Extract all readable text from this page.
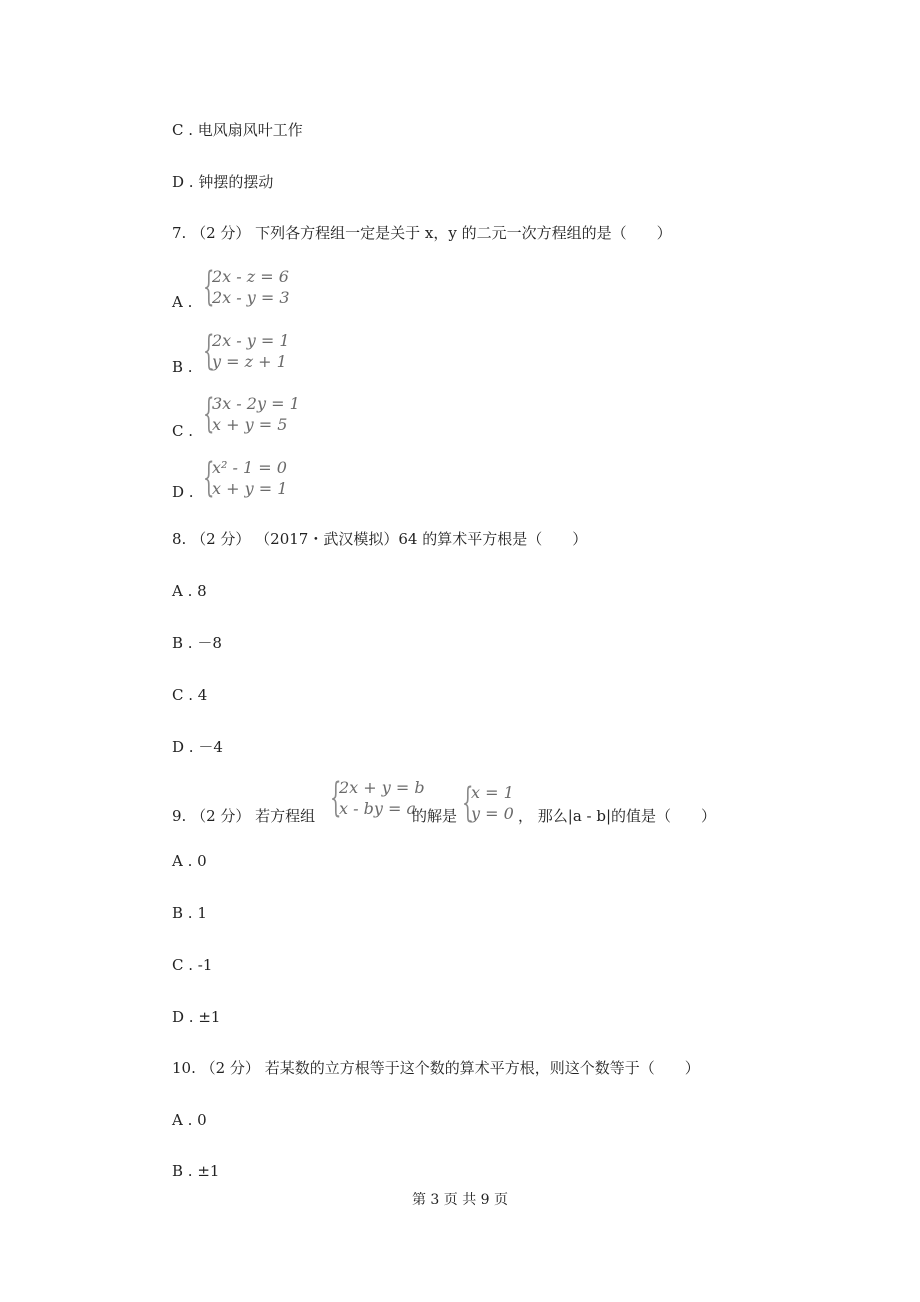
C . 电风扇风叶工作
D . 钟摆的摆动
7. （2 分） 下列各方程组一定是关于 x，y 的二元一次方程组的是（　　）
A . {
2x - z = 6
2x - y = 3
B . {
2x - y = 1
y = z + 1
C . {
3x - 2y = 1
x + y = 5
D . {
x² - 1 = 0
x + y = 1
8. （2 分） （2017・武汉模拟）64 的算术平方根是（　　）
A . 8
B . －8
C . 4
D . －4
9. （2 分） 若方程组 {
2x + y = b
x - by = a
的解是 {
x = 1
y = 0 ， 那么|a - b|的值是（　　）
A . 0
B . 1
C . -1
D . ±1
10. （2 分） 若某数的立方根等于这个数的算术平方根，则这个数等于（　　）
A . 0
B . ±1
第 3 页 共 9 页
